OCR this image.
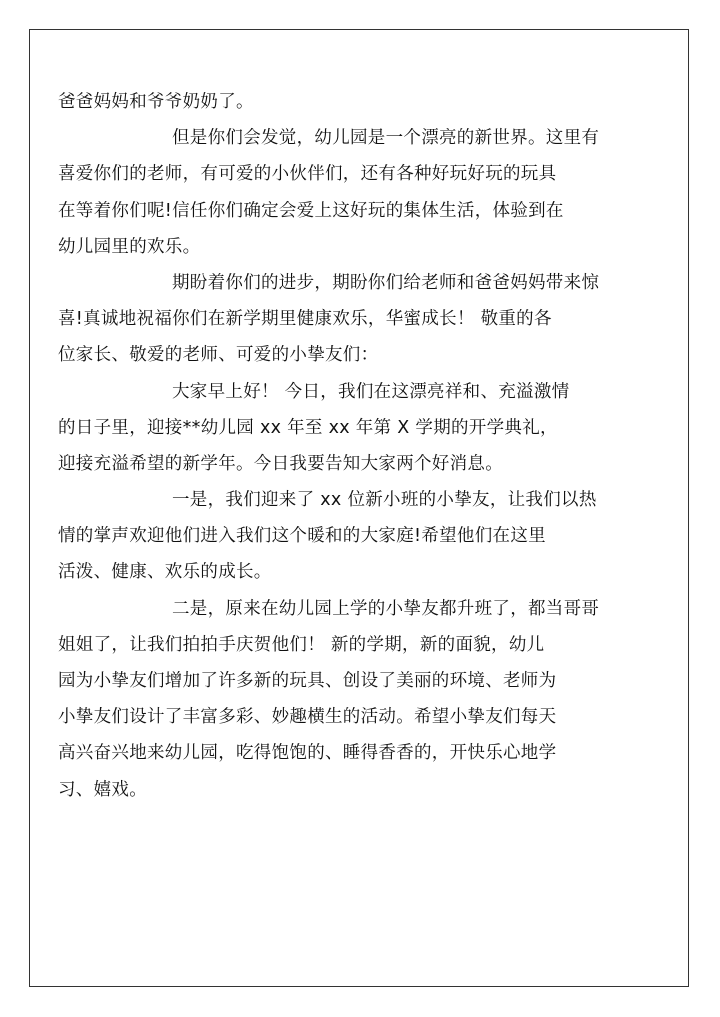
爸爸妈妈和爷爷奶奶了。
但是你们会发觉，幼儿园是一个漂亮的新世界。这里有
喜爱你们的老师，有可爱的小伙伴们，还有各种好玩好玩的玩具
在等着你们呢!信任你们确定会爱上这好玩的集体生活，体验到在
幼儿园里的欢乐。
期盼着你们的进步，期盼你们给老师和爸爸妈妈带来惊
喜!真诚地祝福你们在新学期里健康欢乐，华蜜成长！ 敬重的各
位家长、敬爱的老师、可爱的小挚友们：
大家早上好！ 今日，我们在这漂亮祥和、充溢激情
的日子里，迎接**幼儿园 xx 年至 xx 年第 X 学期的开学典礼，
迎接充溢希望的新学年。今日我要告知大家两个好消息。
一是，我们迎来了 xx 位新小班的小挚友，让我们以热
情的掌声欢迎他们进入我们这个暖和的大家庭!希望他们在这里
活泼、健康、欢乐的成长。
二是，原来在幼儿园上学的小挚友都升班了，都当哥哥
姐姐了，让我们拍拍手庆贺他们！ 新的学期，新的面貌，幼儿
园为小挚友们增加了许多新的玩具、创设了美丽的环境、老师为
小挚友们设计了丰富多彩、妙趣横生的活动。希望小挚友们每天
高兴奋兴地来幼儿园，吃得饱饱的、睡得香香的，开快乐心地学
习、嬉戏。
